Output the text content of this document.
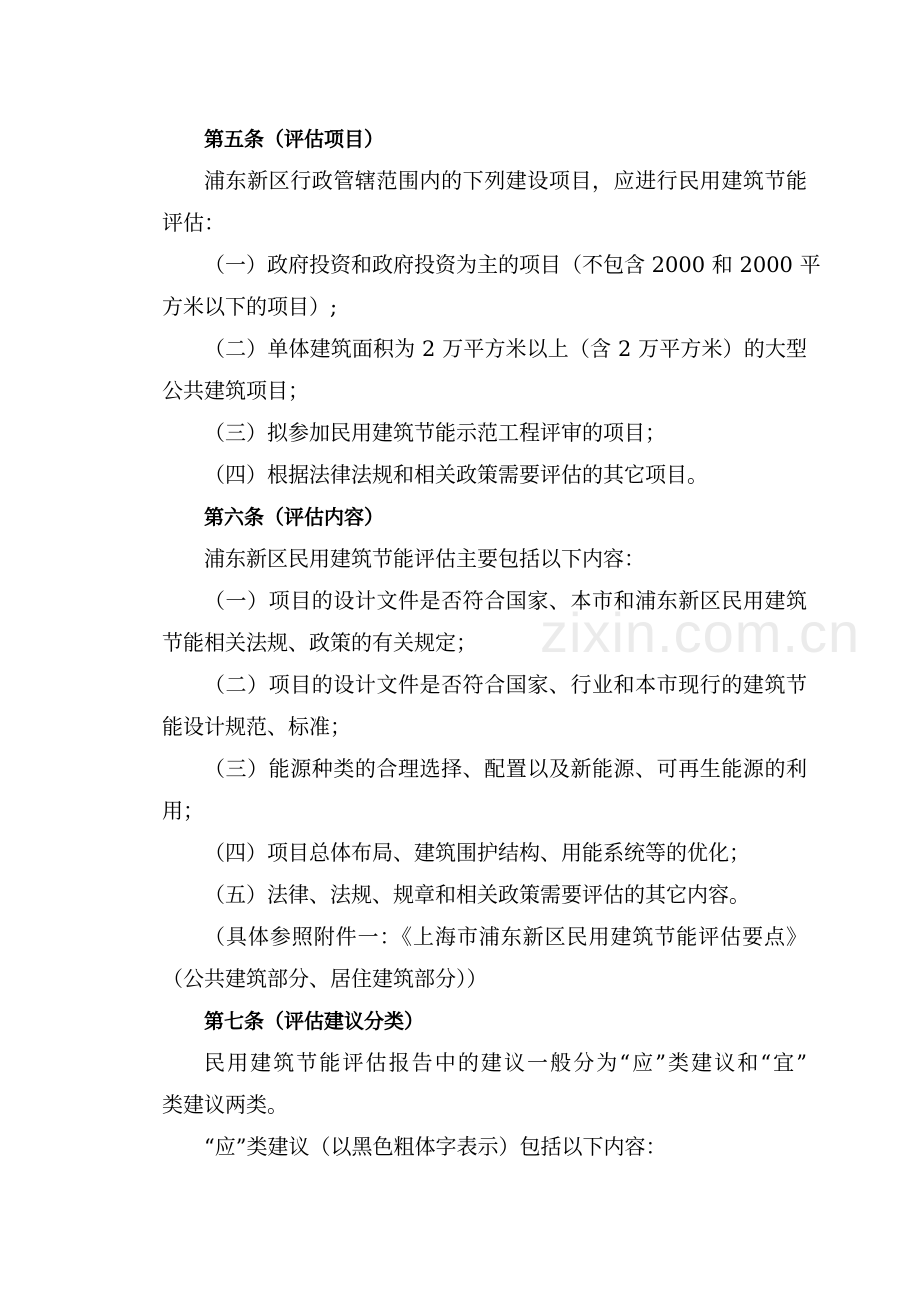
zixin.com.cn
第五条（评估项目）
浦东新区行政管辖范围内的下列建设项目，应进行民用建筑节能
评估：
（一）政府投资和政府投资为主的项目（不包含 2000 和 2000 平
方米以下的项目）;
（二）单体建筑面积为 2 万平方米以上（含 2 万平方米）的大型
公共建筑项目；
（三）拟参加民用建筑节能示范工程评审的项目；
（四）根据法律法规和相关政策需要评估的其它项目。
第六条（评估内容）
浦东新区民用建筑节能评估主要包括以下内容：
（一）项目的设计文件是否符合国家、本市和浦东新区民用建筑
节能相关法规、政策的有关规定；
（二）项目的设计文件是否符合国家、行业和本市现行的建筑节
能设计规范、标准；
（三）能源种类的合理选择、配置以及新能源、可再生能源的利
用；
（四）项目总体布局、建筑围护结构、用能系统等的优化；
（五）法律、法规、规章和相关政策需要评估的其它内容。
（具体参照附件一：《上海市浦东新区民用建筑节能评估要点》
（公共建筑部分、居住建筑部分））
第七条（评估建议分类）
民用建筑节能评估报告中的建议一般分为“应”类建议和“宜”
类建议两类。
“应”类建议（以黑色粗体字表示）包括以下内容：
